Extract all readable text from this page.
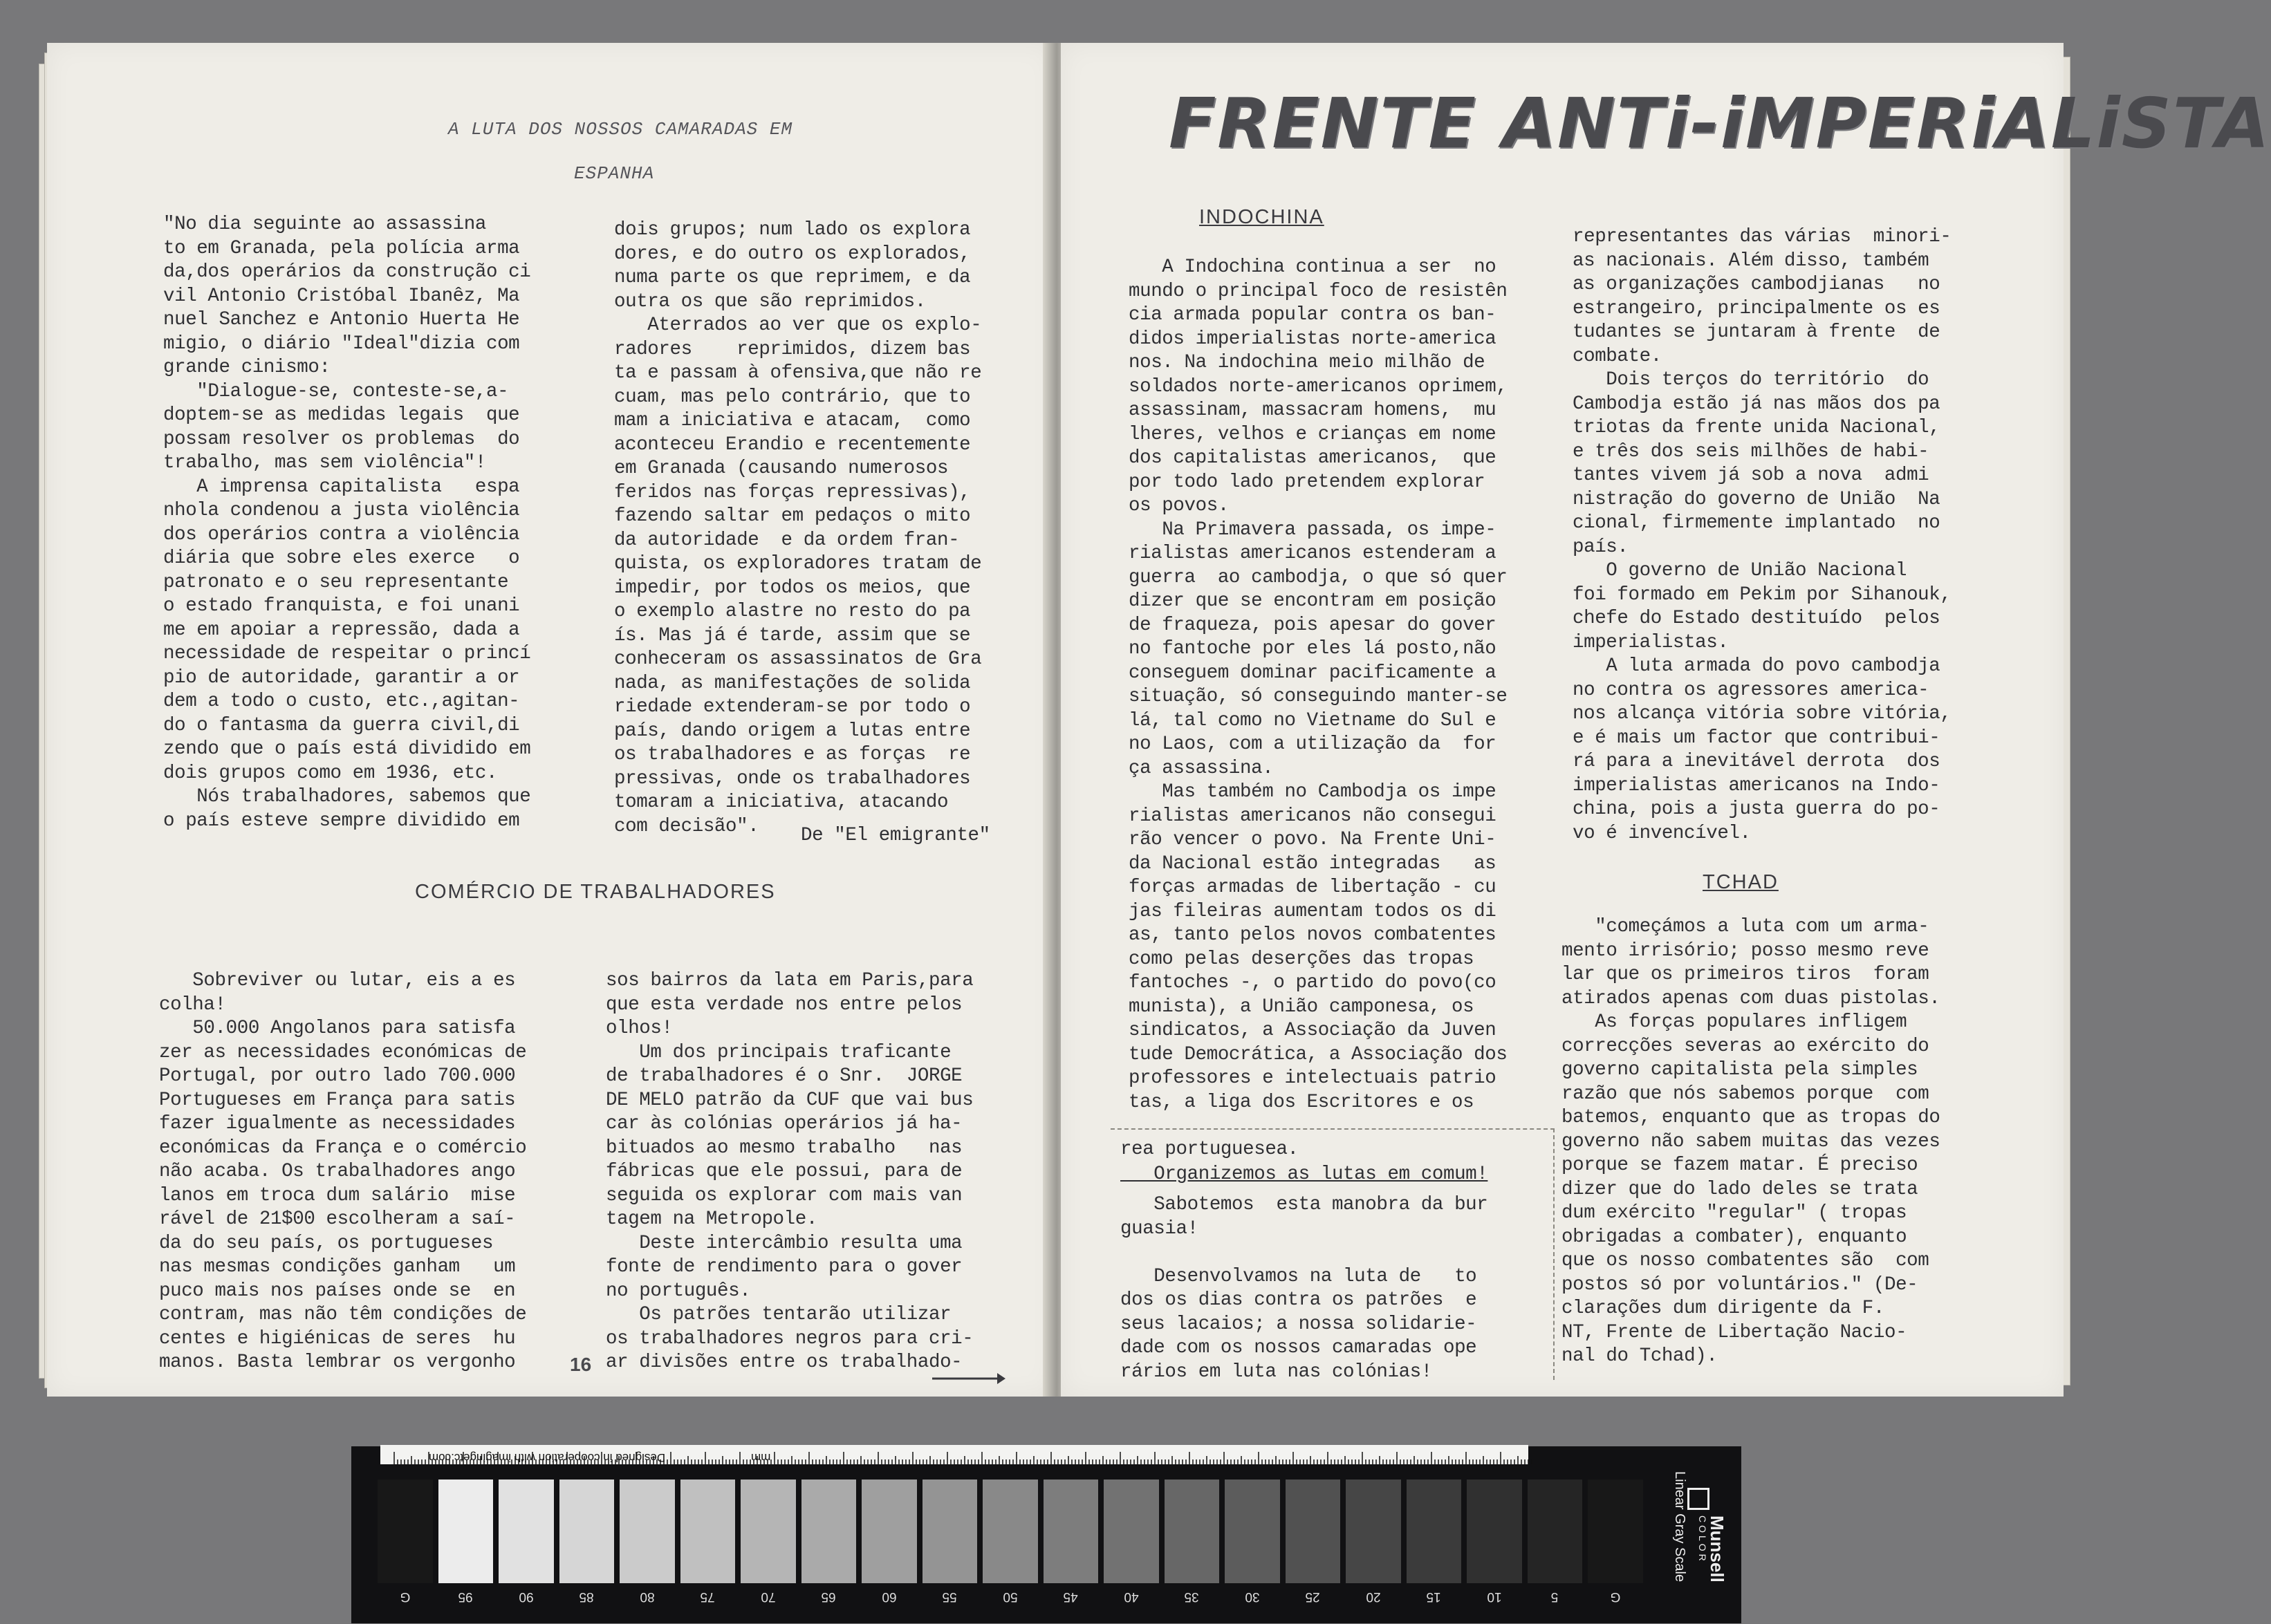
A LUTA DOS NOSSOS CAMARADAS EM
ESPANHA
"No dia seguinte ao assassina
to em Granada, pela polícia arma
da,dos operários da construção ci
vil Antonio Cristóbal Ibanêz, Ma
nuel Sanchez e Antonio Huerta He
migio, o diário "Ideal"dizia com
grande cinismo:
"Dialogue-se, conteste-se,a-
doptem-se as medidas legais  que
possam resolver os problemas  do
trabalho, mas sem violência"!
A imprensa capitalista   espa
nhola condenou a justa violência
dos operários contra a violência
diária que sobre eles exerce   o
patronato e o seu representante
o estado franquista, e foi unani
me em apoiar a repressão, dada a
necessidade de respeitar o princí
pio de autoridade, garantir a or
dem a todo o custo, etc.,agitan-
do o fantasma da guerra civil,di
zendo que o país está dividido em
dois grupos como em 1936, etc.
Nós trabalhadores, sabemos que
o país esteve sempre dividido em
dois grupos; num lado os explora
dores, e do outro os explorados,
numa parte os que reprimem, e da
outra os que são reprimidos.
Aterrados ao ver que os explo-
radores    reprimidos, dizem bas
ta e passam à ofensiva,que não re
cuam, mas pelo contrário, que to
mam a iniciativa e atacam,  como
aconteceu Erandio e recentemente
em Granada (causando numerosos
feridos nas forças repressivas),
fazendo saltar em pedaços o mito
da autoridade  e da ordem fran-
quista, os exploradores tratam de
impedir, por todos os meios, que
o exemplo alastre no resto do pa
ís. Mas já é tarde, assim que se
conheceram os assassinatos de Gra
nada, as manifestações de solida
riedade extenderam-se por todo o
país, dando origem a lutas entre
os trabalhadores e as forças  re
pressivas, onde os trabalhadores
tomaram a iniciativa, atacando
com decisão".	De "El emigrante"
COMÉRCIO DE TRABALHADORES
Sobreviver ou lutar, eis a es
colha!
50.000 Angolanos para satisfa
zer as necessidades económicas de
Portugal, por outro lado 700.000
Portugueses em França para satis
fazer igualmente as necessidades
económicas da França e o comércio
não acaba. Os trabalhadores ango
lanos em troca dum salário  mise
rável de 21$00 escolheram a saí-
da do seu país, os portugueses
nas mesmas condições ganham   um
puco mais nos países onde se  en
contram, mas não têm condições de
centes e higiénicas de seres  hu
manos. Basta lembrar os vergonho
sos bairros da lata em Paris,para
que esta verdade nos entre pelos
olhos!
Um dos principais traficante
de trabalhadores é o Snr.  JORGE
DE MELO patrão da CUF que vai bus
car às colónias operários já ha-
bituados ao mesmo trabalho   nas
fábricas que ele possui, para de
seguida os explorar com mais van
tagem na Metropole.
Deste intercâmbio resulta uma
fonte de rendimento para o gover
no português.
Os patrões tentarão utilizar
os trabalhadores negros para cri-
ar divisões entre os trabalhado-
16
FRENTE ANTi-iMPERiALiSTA
INDOCHINA
A Indochina continua a ser  no
mundo o principal foco de resistên
cia armada popular contra os ban-
didos imperialistas norte-america
nos. Na indochina meio milhão de
soldados norte-americanos oprimem,
assassinam, massacram homens,  mu
lheres, velhos e crianças em nome
dos capitalistas americanos,  que
por todo lado pretendem explorar
os povos.
Na Primavera passada, os impe-
rialistas americanos estenderam a
guerra  ao cambodja, o que só quer
dizer que se encontram em posição
de fraqueza, pois apesar do gover
no fantoche por eles lá posto,não
conseguem dominar pacificamente a
situação, só conseguindo manter-se
lá, tal como no Vietname do Sul e
no Laos, com a utilização da  for
ça assassina.
Mas também no Cambodja os impe
rialistas americanos não consegui
rão vencer o povo. Na Frente Uni-
da Nacional estão integradas   as
forças armadas de libertação - cu
jas fileiras aumentam todos os di
as, tanto pelos novos combatentes
como pelas deserções das tropas
fantoches -, o partido do povo(co
munista), a União camponesa, os
sindicatos, a Associação da Juven
tude Democrática, a Associação dos
professores e intelectuais patrio
tas, a liga dos Escritores e os
representantes das várias  minori-
as nacionais. Além disso, também
as organizações cambodjianas   no
estrangeiro, principalmente os es
tudantes se juntaram à frente  de
combate.
Dois terços do território  do
Cambodja estão já nas mãos dos pa
triotas da frente unida Nacional,
e três dos seis milhões de habi-
tantes vivem já sob a nova  admi
nistração do governo de União  Na
cional, firmemente implantado  no
país.
O governo de União Nacional
foi formado em Pekim por Sihanouk,
chefe do Estado destituído  pelos
imperialistas.
A luta armada do povo cambodja
no contra os agressores america-
nos alcança vitória sobre vitória,
e é mais um factor que contribui-
rá para a inevitável derrota  dos
imperialistas americanos na Indo-
china, pois a justa guerra do po-
vo é invencível.
TCHAD
"começámos a luta com um arma-
mento irrisório; posso mesmo reve
lar que os primeiros tiros  foram
atirados apenas com duas pistolas.
As forças populares infligem
correcções severas ao exército do
governo capitalista pela simples
razão que nós sabemos porque  com
batemos, enquanto que as tropas do
governo não sabem muitas das vezes
porque se fazem matar. É preciso
dizer que do lado deles se trata
dum exército "regular" ( tropas
obrigadas a combater), enquanto
que os nosso combatentes são  com
postos só por voluntários." (De-
clarações dum dirigente da F.
NT, Frente de Libertação Nacio-
nal do Tchad).
rea portuguesea.
Organizemos as lutas em comum!
Sabotemos  esta manobra da bur
guasia!

Desenvolvamos na luta de   to
dos os dias contra os patrões  e
seus lacaios; a nossa solidarie-
dade com os nossos camaradas ope
rários em luta nas colónias!
Designed in cooperation with imagingetc.com	mm
G	95	90	85	80	75	70	65	60	55	50	45	40	35	30	25	20	15	10	5	G
Munsell
COLOR
Linear Gray Scale
